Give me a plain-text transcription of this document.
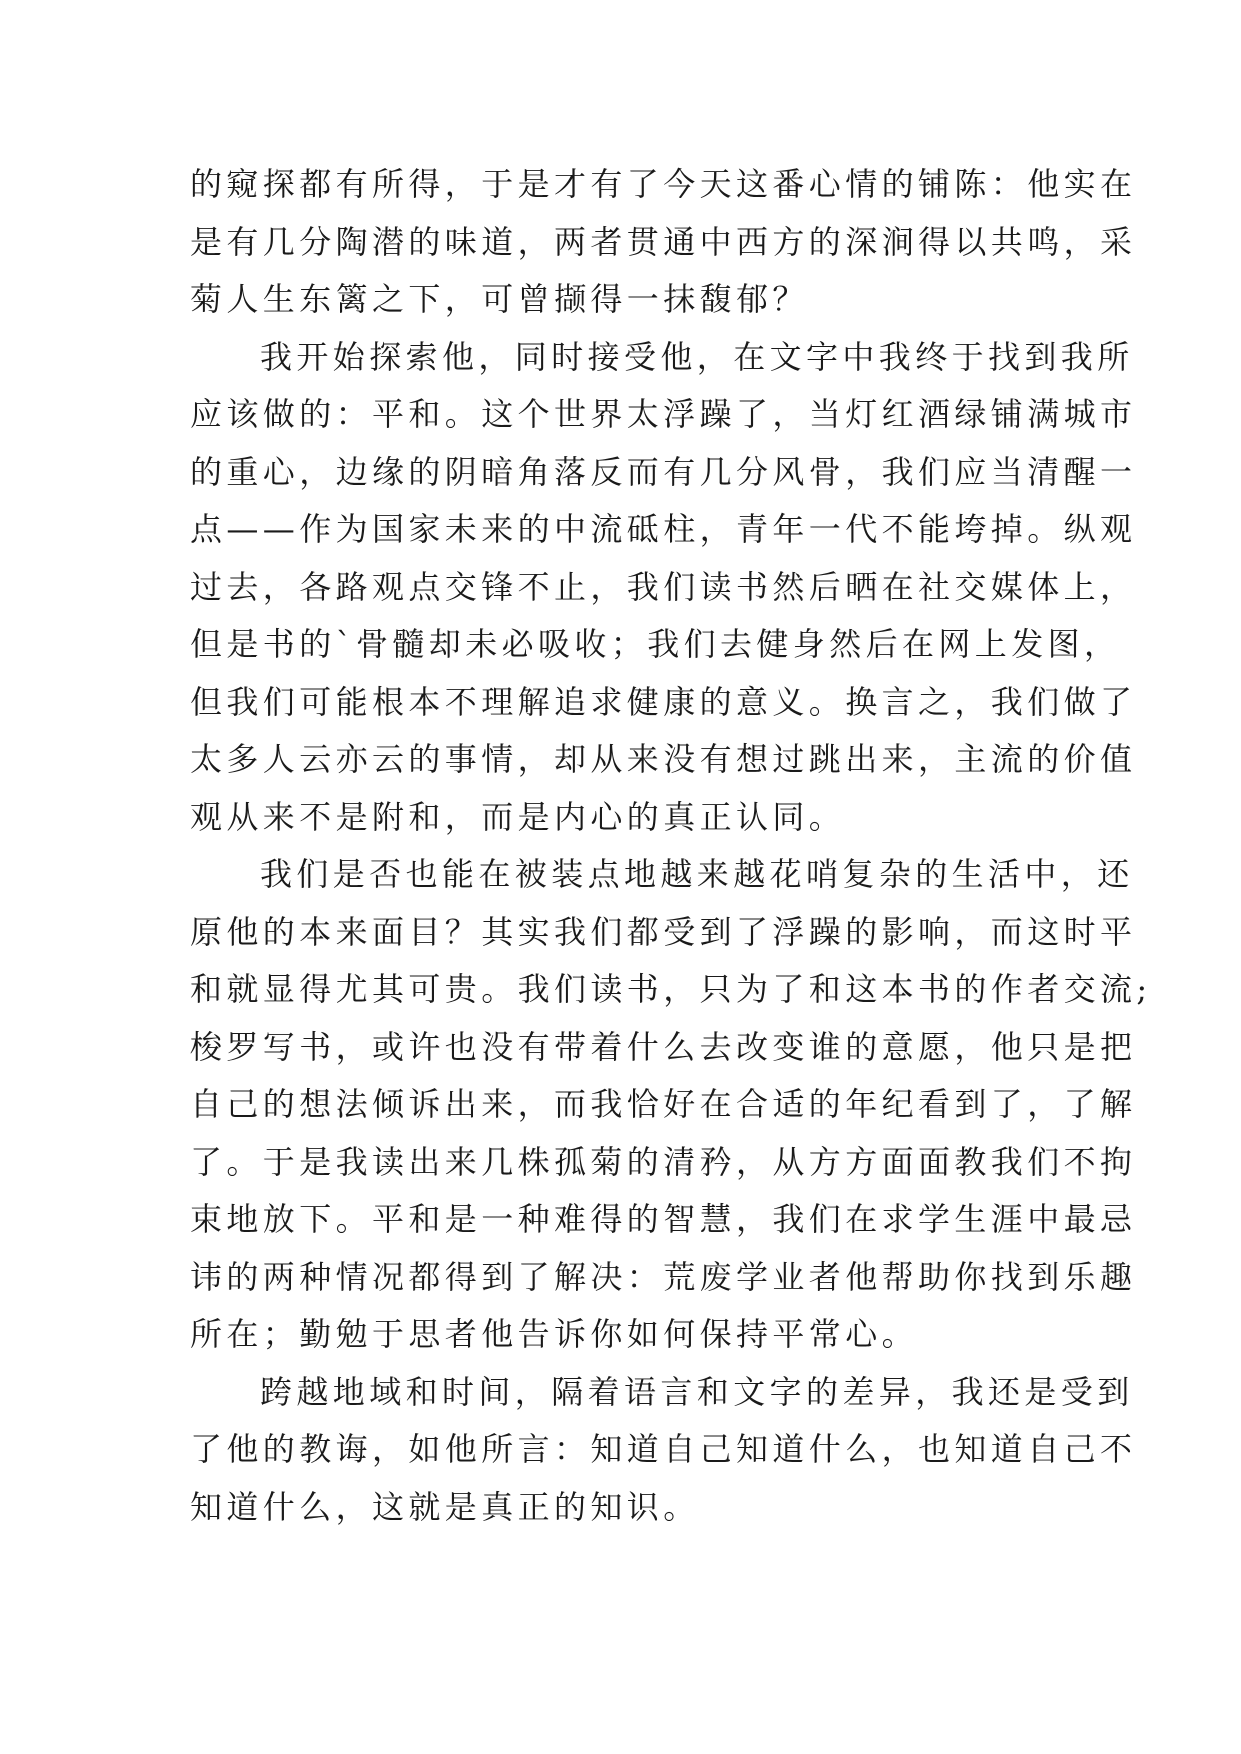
的窥探都有所得，于是才有了今天这番心情的铺陈：他实在
是有几分陶潜的味道，两者贯通中西方的深涧得以共鸣，采
菊人生东篱之下，可曾撷得一抹馥郁？
我开始探索他，同时接受他，在文字中我终于找到我所
应该做的：平和。这个世界太浮躁了，当灯红酒绿铺满城市
的重心，边缘的阴暗角落反而有几分风骨，我们应当清醒一
点——作为国家未来的中流砥柱，青年一代不能垮掉。纵观
过去，各路观点交锋不止，我们读书然后晒在社交媒体上，
但是书的`骨髓却未必吸收；我们去健身然后在网上发图，
但我们可能根本不理解追求健康的意义。换言之，我们做了
太多人云亦云的事情，却从来没有想过跳出来，主流的价值
观从来不是附和，而是内心的真正认同。
我们是否也能在被装点地越来越花哨复杂的生活中，还
原他的本来面目？其实我们都受到了浮躁的影响，而这时平
和就显得尤其可贵。我们读书，只为了和这本书的作者交流;
梭罗写书，或许也没有带着什么去改变谁的意愿，他只是把
自己的想法倾诉出来，而我恰好在合适的年纪看到了，了解
了。于是我读出来几株孤菊的清矜，从方方面面教我们不拘
束地放下。平和是一种难得的智慧，我们在求学生涯中最忌
讳的两种情况都得到了解决：荒废学业者他帮助你找到乐趣
所在；勤勉于思者他告诉你如何保持平常心。
跨越地域和时间，隔着语言和文字的差异，我还是受到
了他的教诲，如他所言：知道自己知道什么，也知道自己不
知道什么，这就是真正的知识。
